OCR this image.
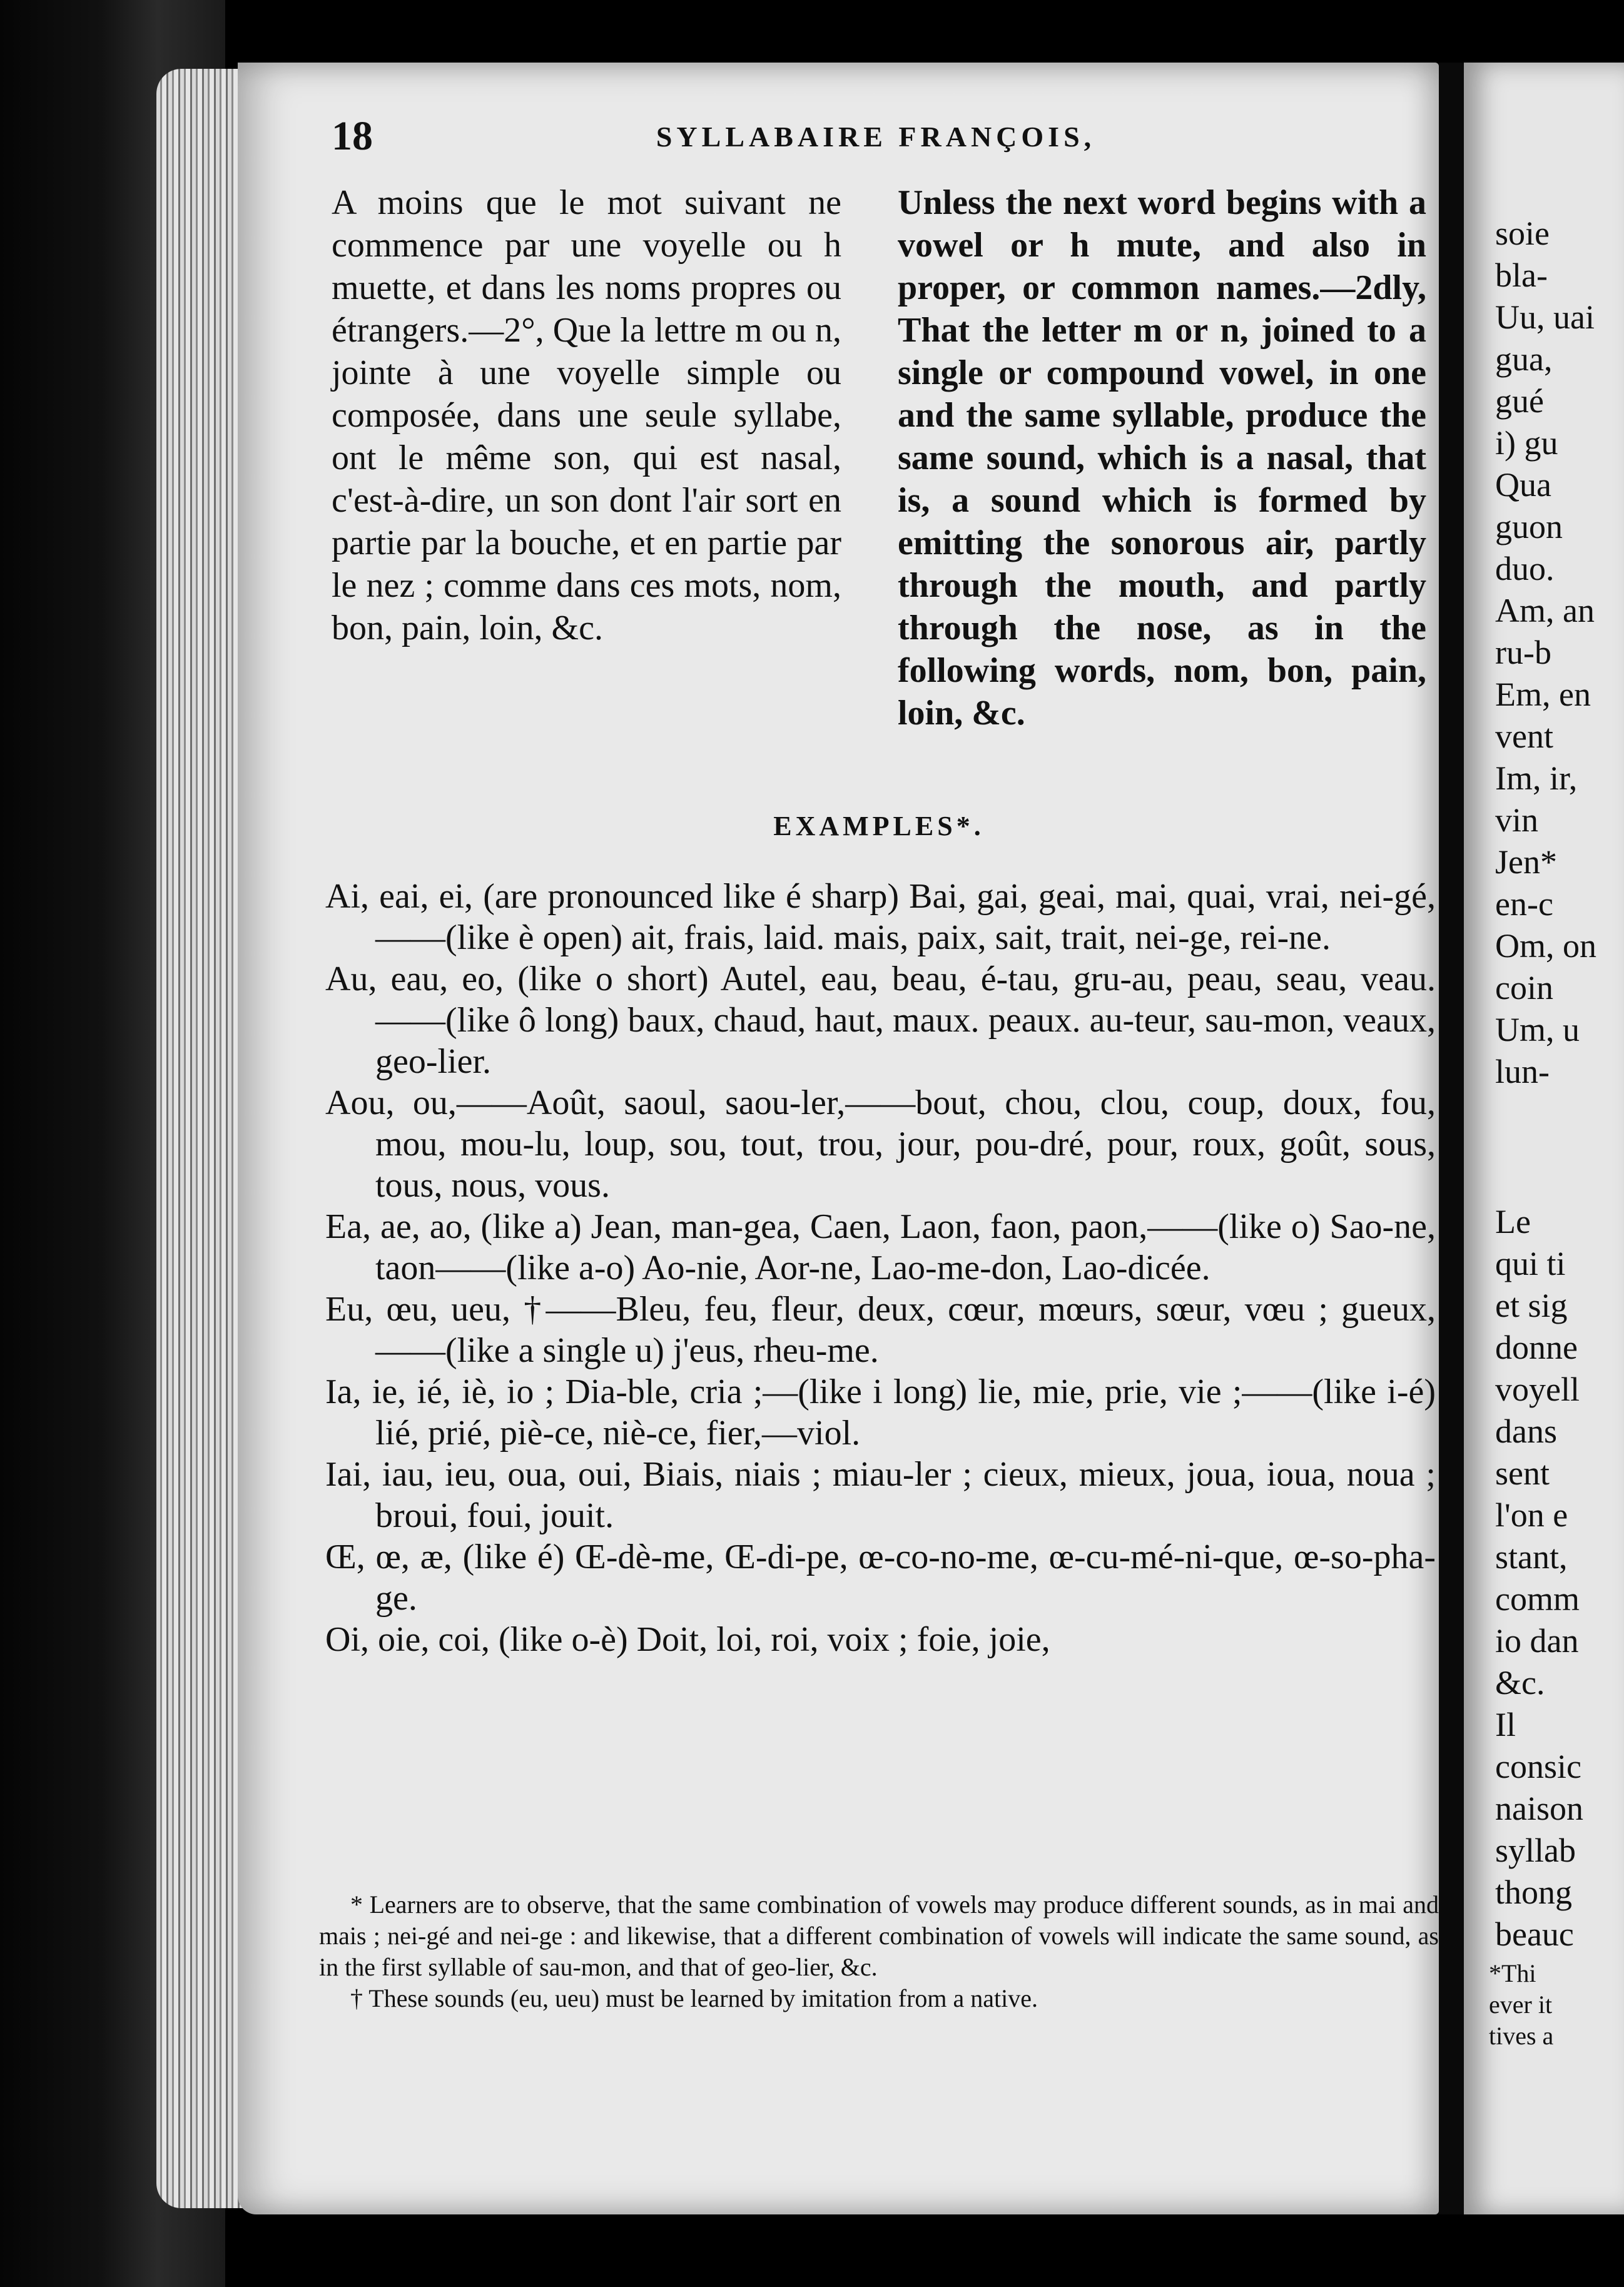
18	SYLLABAIRE FRANÇOIS,

A moins que le mot suivant ne commence par une voyelle ou h muette, et dans les noms propres ou étrangers.—2°, Que la lettre m ou n, jointe à une voyelle simple ou composée, dans une seule syllabe, ont le même son, qui est nasal, c'est-à-dire, un son dont l'air sort en partie par la bouche, et en partie par le nez ; comme dans ces mots, nom, bon, pain, loin, &c.

Unless the next word begins with a vowel or h mute, and also in proper, or common names.—2dly, That the letter m or n, joined to a single or compound vowel, in one and the same syllable, produce the same sound, which is a nasal, that is, a sound which is formed by emitting the sonorous air, partly through the mouth, and partly through the nose, as in the following words, nom, bon, pain, loin, &c.

EXAMPLES*.

Ai, eai, ei, (are pronounced like é sharp) Bai, gai, geai, mai, quai, vrai, nei-gé,——(like è open) ait, frais, laid. mais, paix, sait, trait, nei-ge, rei-ne.

Au, eau, eo, (like o short) Autel, eau, beau, é-tau, gru-au, peau, seau, veau.——(like ô long) baux, chaud, haut, maux. peaux. au-teur, sau-mon, veaux, geo-lier.

Aou, ou,——Août, saoul, saou-ler,——bout, chou, clou, coup, doux, fou, mou, mou-lu, loup, sou, tout, trou, jour, pou-dré, pour, roux, goût, sous, tous, nous, vous.

Ea, ae, ao, (like a) Jean, man-gea, Caen, Laon, faon, paon,——(like o) Sao-ne, taon——(like a-o) Ao-nie, Aor-ne, Lao-me-don, Lao-dicée.

Eu, œu, ueu, †——Bleu, feu, fleur, deux, cœur, mœurs, sœur, vœu ; gueux,——(like a single u) j'eus, rheu-me.

Ia, ie, ié, iè, io ; Dia-ble, cria ;—(like i long) lie, mie, prie, vie ;——(like i-é) lié, prié, piè-ce, niè-ce, fier,—viol.

Iai, iau, ieu, oua, oui, Biais, niais ; miau-ler ; cieux, mieux, joua, ioua, noua ; broui, foui, jouit.

Œ, œ, æ, (like é) Œ-dè-me, Œ-di-pe, œ-co-no-me, œ-cu-mé-ni-que, œ-so-pha-ge.

Oi, oie, coi, (like o-è) Doit, loi, roi, voix ; foie, joie,

* Learners are to observe, that the same combination of vowels may produce different sounds, as in mai and mais ; nei-gé and nei-ge : and likewise, that a different combination of vowels will indicate the same sound, as in the first syllable of sau-mon, and that of geo-lier, &c.

† These sounds (eu, ueu) must be learned by imitation from a native.

soie
bla-
Uu, uai
gua,
gué
i) gu
Qua
guon
duo.
Am, an
ru-b
Em, en
vent
Im, ir,
vin
Jen*
en-c
Om, on
coin
Um, u
lun-
Le
qui ti
et sig
donne
voyell
dans
sent
l'on e
stant,
comm
io dan
&c.
Il
consic
naison
syllab
thong
beauc
*Thi
ever it
tives a
